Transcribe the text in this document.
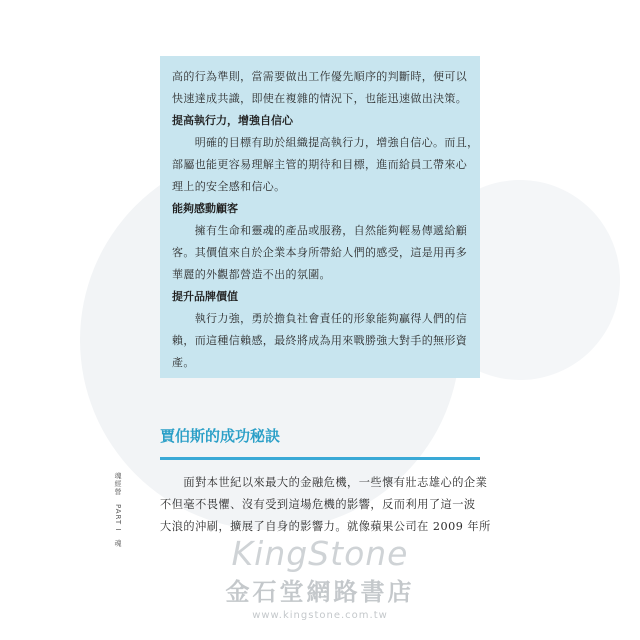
高的行為準則，當需要做出工作優先順序的判斷時，便可以
快速達成共識，即使在複雜的情況下，也能迅速做出決策。
提高執行力，增強自信心
　　明確的目標有助於組織提高執行力，增強自信心。而且，
部屬也能更容易理解主管的期待和目標，進而給員工帶來心
理上的安全感和信心。
能夠感動顧客
　　擁有生命和靈魂的產品或服務，自然能夠輕易傳遞給顧
客。其價值來自於企業本身所帶給人們的感受，這是用再多
華麗的外觀都營造不出的氛圍。
提升品牌價值
　　執行力強，勇於擔負社會責任的形象能夠贏得人們的信
賴，而這種信賴感，最終將成為用來戰勝強大對手的無形資
產。
賈伯斯的成功秘訣
魂經營　PART I　魂	　　面對本世紀以來最大的金融危機，一些懷有壯志雄心的企業
不但毫不畏懼、沒有受到這場危機的影響，反而利用了這一波
大浪的沖刷，擴展了自身的影響力。就像蘋果公司在 2009 年所
KingStone
金石堂網路書店
www.kingstone.com.tw
